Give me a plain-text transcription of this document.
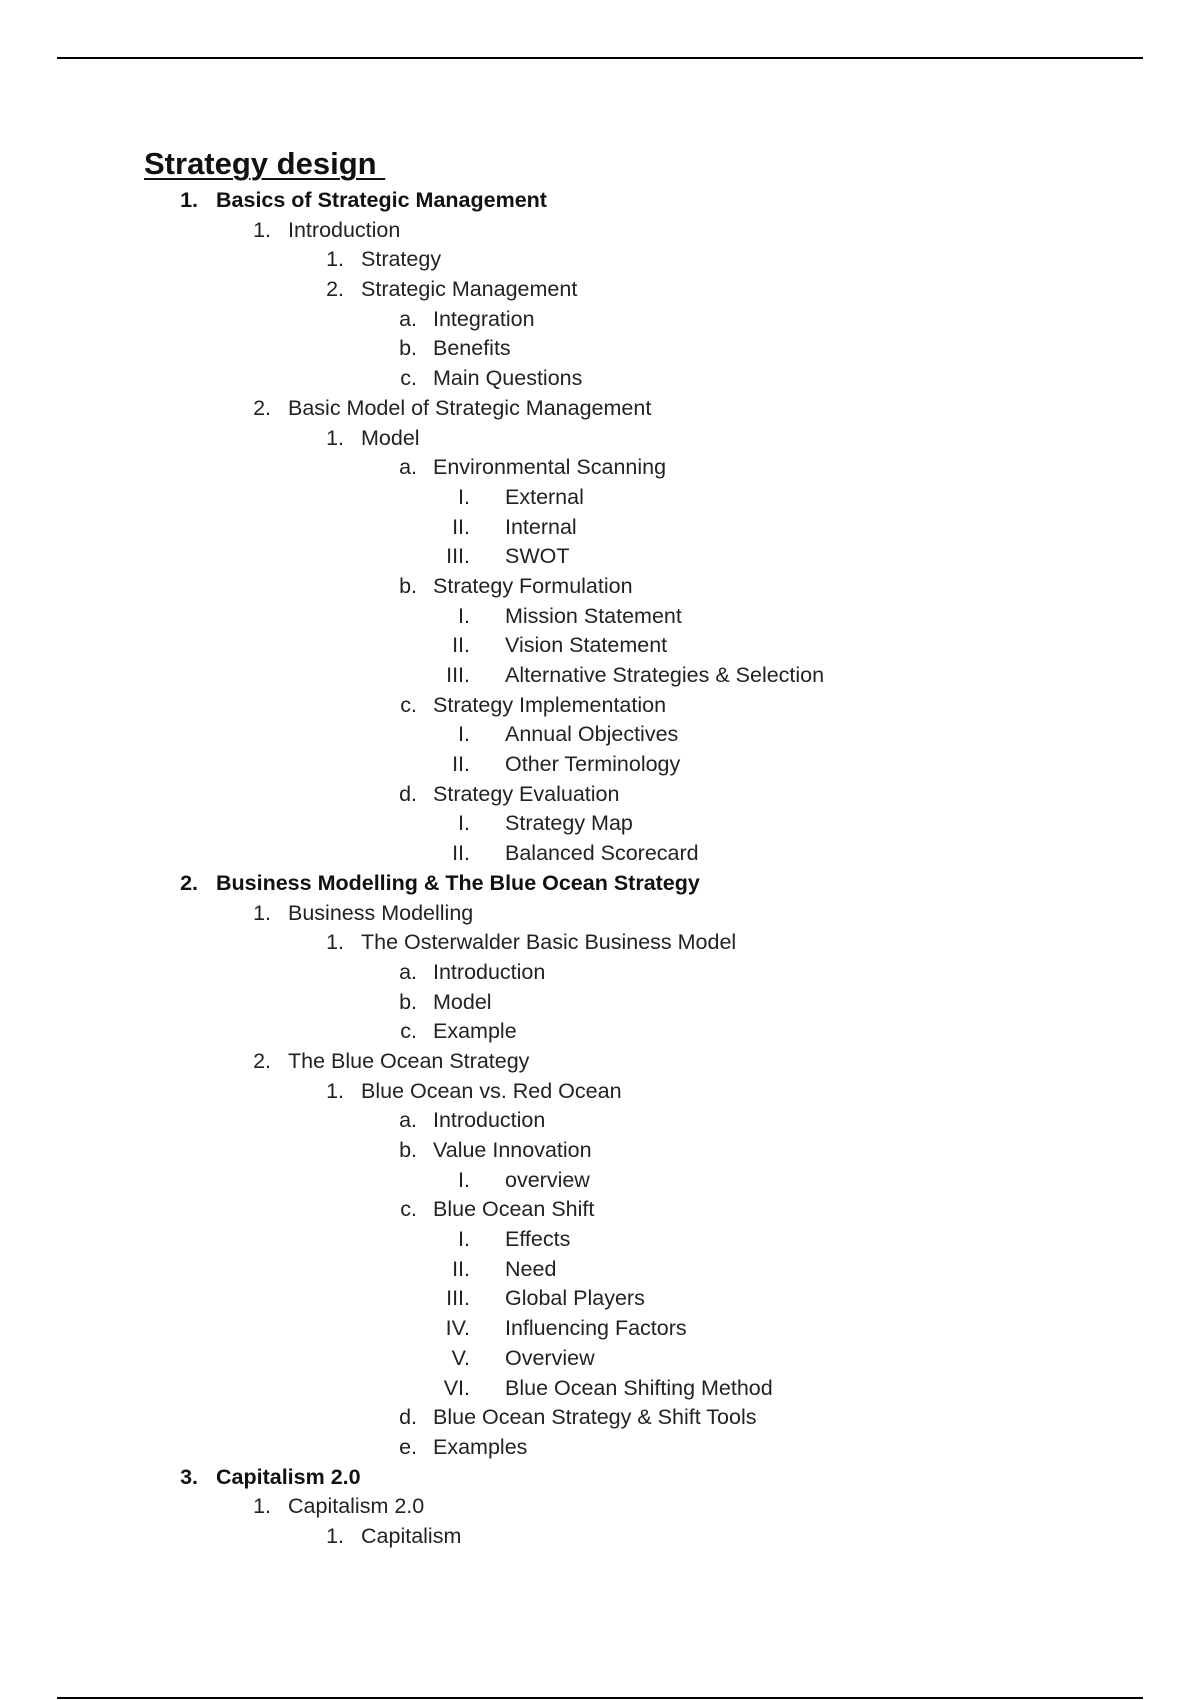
Strategy design
1. Basics of Strategic Management
1. Introduction
1. Strategy
2. Strategic Management
a. Integration
b. Benefits
c. Main Questions
2. Basic Model of Strategic Management
1. Model
a. Environmental Scanning
I. External
II. Internal
III. SWOT
b. Strategy Formulation
I. Mission Statement
II. Vision Statement
III. Alternative Strategies & Selection
c. Strategy Implementation
I. Annual Objectives
II. Other Terminology
d. Strategy Evaluation
I. Strategy Map
II. Balanced Scorecard
2. Business Modelling & The Blue Ocean Strategy
1. Business Modelling
1. The Osterwalder Basic Business Model
a. Introduction
b. Model
c. Example
2. The Blue Ocean Strategy
1. Blue Ocean vs. Red Ocean
a. Introduction
b. Value Innovation
I. overview
c. Blue Ocean Shift
I. Effects
II. Need
III. Global Players
IV. Influencing Factors
V. Overview
VI. Blue Ocean Shifting Method
d. Blue Ocean Strategy & Shift Tools
e. Examples
3. Capitalism 2.0
1. Capitalism 2.0
1. Capitalism
